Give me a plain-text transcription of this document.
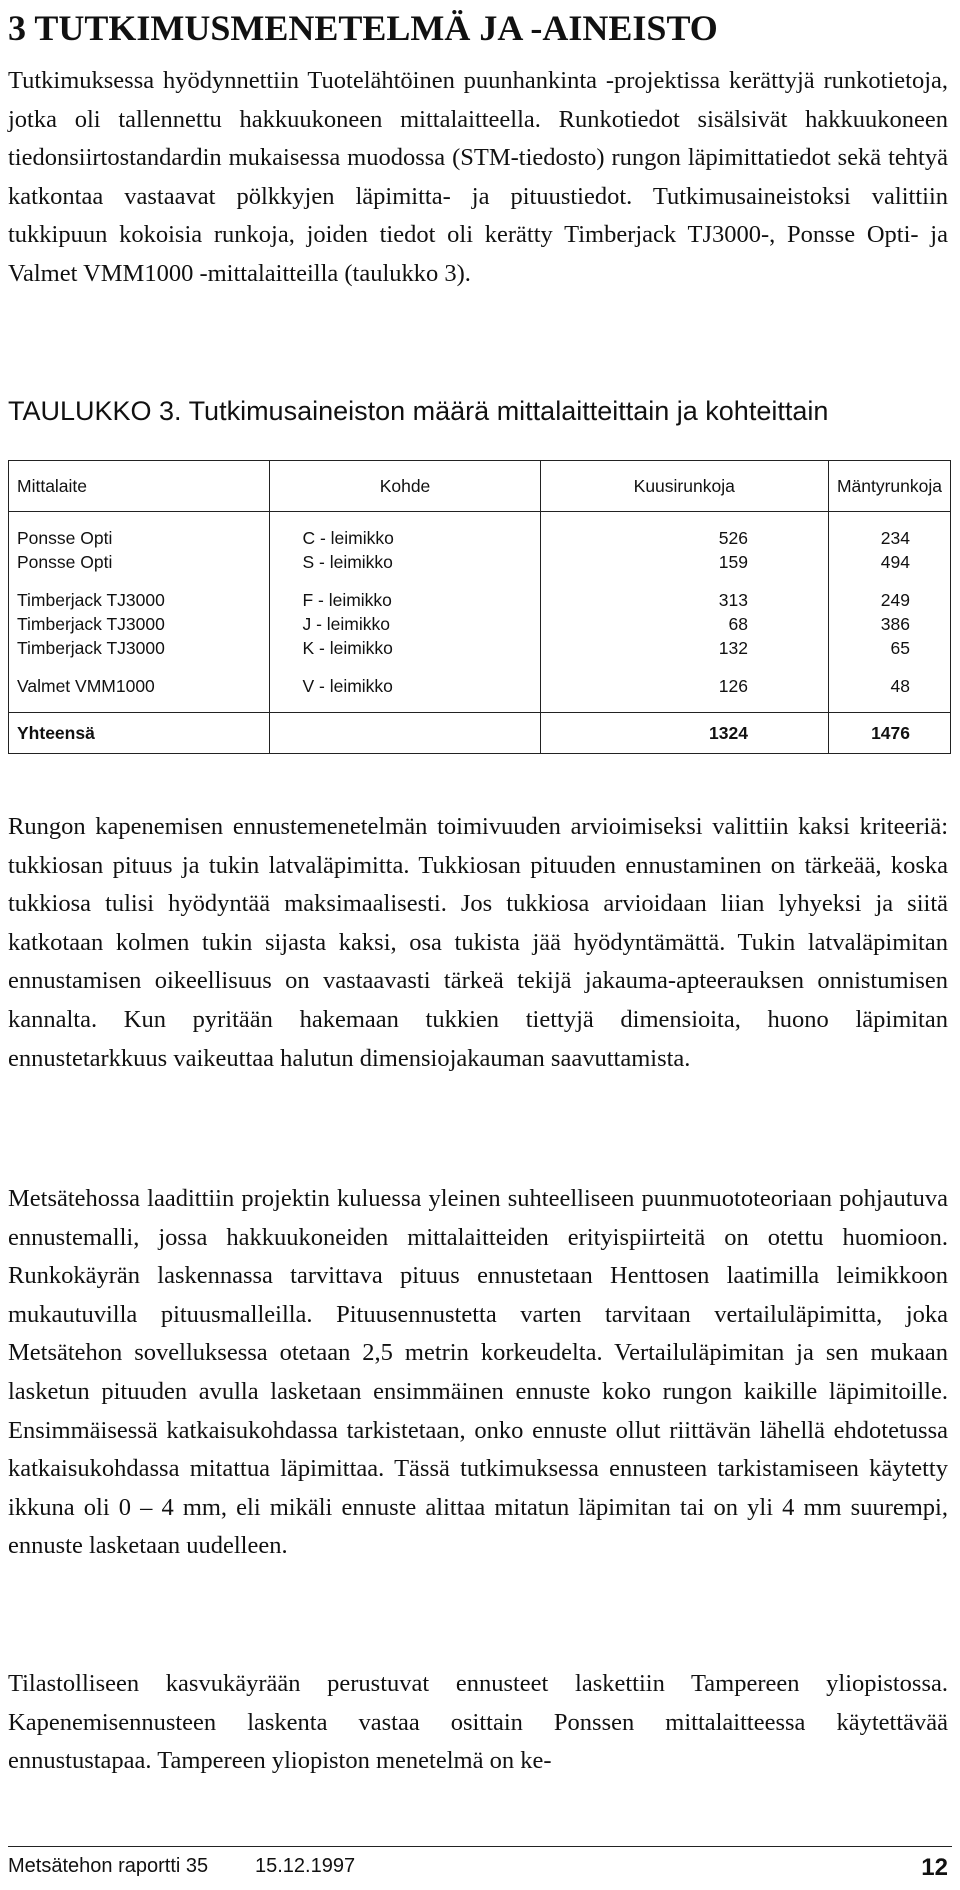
3 TUTKIMUSMENETELMÄ JA -AINEISTO

Tutkimuksessa hyödynnettiin Tuotelähtöinen puunhankinta -projektissa kerättyjä runkotietoja, jotka oli tallennettu hakkuukoneen mittalaitteella. Runkotiedot sisälsivät hakkuukoneen tiedonsiirtostandardin mukaisessa muodossa (STM-tiedosto) rungon läpimittatiedot sekä tehtyä katkontaa vastaavat pölkkyjen läpimitta- ja pituustiedot. Tutkimusaineistoksi valittiin tukkipuun kokoisia runkoja, joiden tiedot oli kerätty Timberjack TJ3000-, Ponsse Opti- ja Valmet VMM1000 -mittalaitteilla (taulukko 3).

TAULUKKO 3. Tutkimusaineiston määrä mittalaitteittain ja kohteittain

Mittalaite	Kohde	Kuusirunkoja	Mäntyrunkoja

Ponsse Opti	C - leimikko	526	234
Ponsse Opti	S - leimikko	159	494

Timberjack TJ3000	F - leimikko	313	249
Timberjack TJ3000	J - leimikko	68	386
Timberjack TJ3000	K - leimikko	132	65

Valmet VMM1000	V - leimikko	126	48

Yhteensä		1324	1476

Rungon kapenemisen ennustemenetelmän toimivuuden arvioimiseksi valittiin kaksi kriteeriä: tukkiosan pituus ja tukin latvaläpimitta. Tukkiosan pituuden ennustaminen on tärkeää, koska tukkiosa tulisi hyödyntää maksimaalisesti. Jos tukkiosa arvioidaan liian lyhyeksi ja siitä katkotaan kolmen tukin sijasta kaksi, osa tukista jää hyödyntämättä. Tukin latvaläpimitan ennustamisen oikeellisuus on vastaavasti tärkeä tekijä jakauma-apteerauksen onnistumisen kannalta. Kun pyritään hakemaan tukkien tiettyjä dimensioita, huono läpimitan ennustetarkkuus vaikeuttaa halutun dimensiojakauman saavuttamista.

Metsätehossa laadittiin projektin kuluessa yleinen suhteelliseen puunmuototeoriaan pohjautuva ennustemalli, jossa hakkuukoneiden mittalaitteiden erityispiirteitä on otettu huomioon. Runkokäyrän laskennassa tarvittava pituus ennustetaan Henttosen laatimilla leimikkoon mukautuvilla pituusmalleilla. Pituusennustetta varten tarvitaan vertailuläpimitta, joka Metsätehon sovelluksessa otetaan 2,5 metrin korkeudelta. Vertailuläpimitan ja sen mukaan lasketun pituuden avulla lasketaan ensimmäinen ennuste koko rungon kaikille läpimitoille. Ensimmäisessä katkaisukohdassa tarkistetaan, onko ennuste ollut riittävän lähellä ehdotetussa katkaisukohdassa mitattua läpimittaa. Tässä tutkimuksessa ennusteen tarkistamiseen käytetty ikkuna oli 0 – 4 mm, eli mikäli ennuste alittaa mitatun läpimitan tai on yli 4 mm suurempi, ennuste lasketaan uudelleen.

Tilastolliseen kasvukäyrään perustuvat ennusteet laskettiin Tampereen yliopistossa. Kapenemisennusteen laskenta vastaa osittain Ponssen mittalaitteessa käytettävää ennustustapaa. Tampereen yliopiston menetelmä on ke-

Metsätehon raportti 35 15.12.1997	12
